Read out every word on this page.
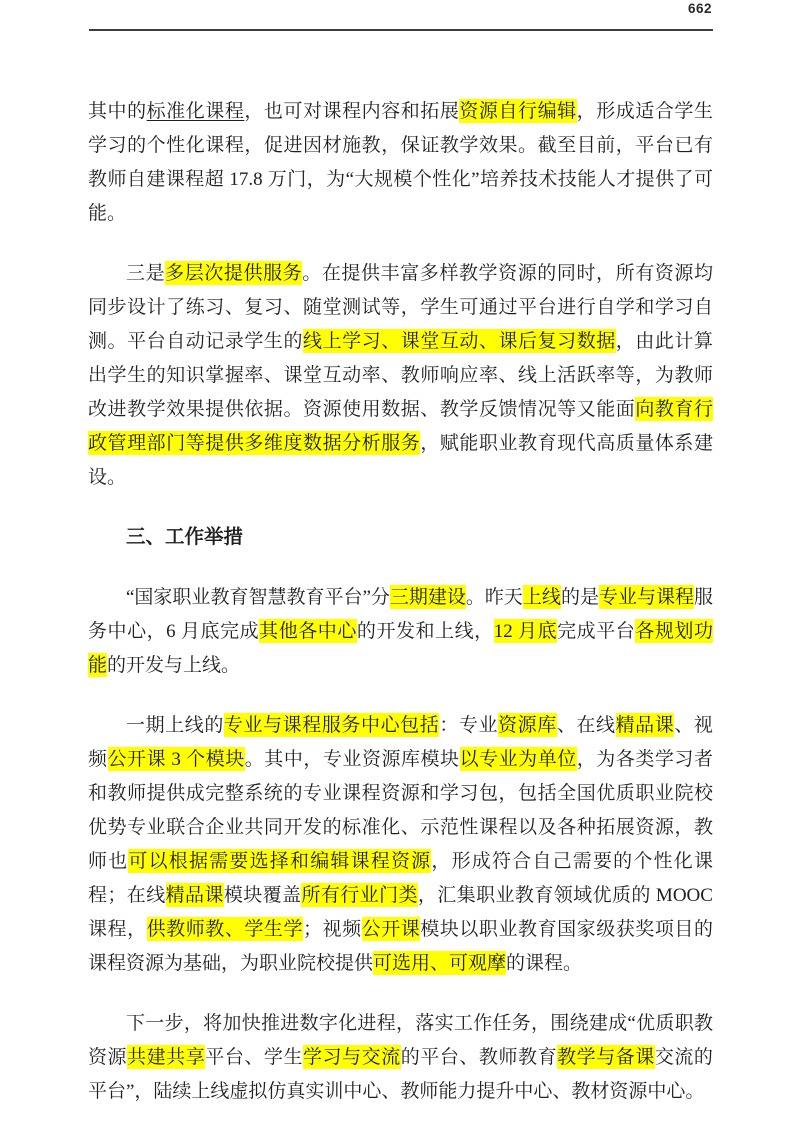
662

其中的标准化课程，也可对课程内容和拓展资源自行编辑，形成适合学生学习的个性化课程，促进因材施教，保证教学效果。截至目前，平台已有教师自建课程超 17.8 万门，为“大规模个性化”培养技术技能人才提供了可能。

三是多层次提供服务。在提供丰富多样教学资源的同时，所有资源均同步设计了练习、复习、随堂测试等，学生可通过平台进行自学和学习自测。平台自动记录学生的线上学习、课堂互动、课后复习数据，由此计算出学生的知识掌握率、课堂互动率、教师响应率、线上活跃率等，为教师改进教学效果提供依据。资源使用数据、教学反馈情况等又能面向教育行政管理部门等提供多维度数据分析服务，赋能职业教育现代高质量体系建设。

三、工作举措

“国家职业教育智慧教育平台”分三期建设。昨天上线的是专业与课程服务中心，6 月底完成其他各中心的开发和上线，12 月底完成平台各规划功能的开发与上线。

一期上线的专业与课程服务中心包括：专业资源库、在线精品课、视频公开课 3 个模块。其中，专业资源库模块以专业为单位，为各类学习者和教师提供成完整系统的专业课程资源和学习包，包括全国优质职业院校优势专业联合企业共同开发的标准化、示范性课程以及各种拓展资源，教师也可以根据需要选择和编辑课程资源，形成符合自己需要的个性化课程；在线精品课模块覆盖所有行业门类，汇集职业教育领域优质的 MOOC 课程，供教师教、学生学；视频公开课模块以职业教育国家级获奖项目的课程资源为基础，为职业院校提供可选用、可观摩的课程。

下一步，将加快推进数字化进程，落实工作任务，围绕建成“优质职教资源共建共享平台、学生学习与交流的平台、教师教育教学与备课交流的平台”，陆续上线虚拟仿真实训中心、教师能力提升中心、教材资源中心。
